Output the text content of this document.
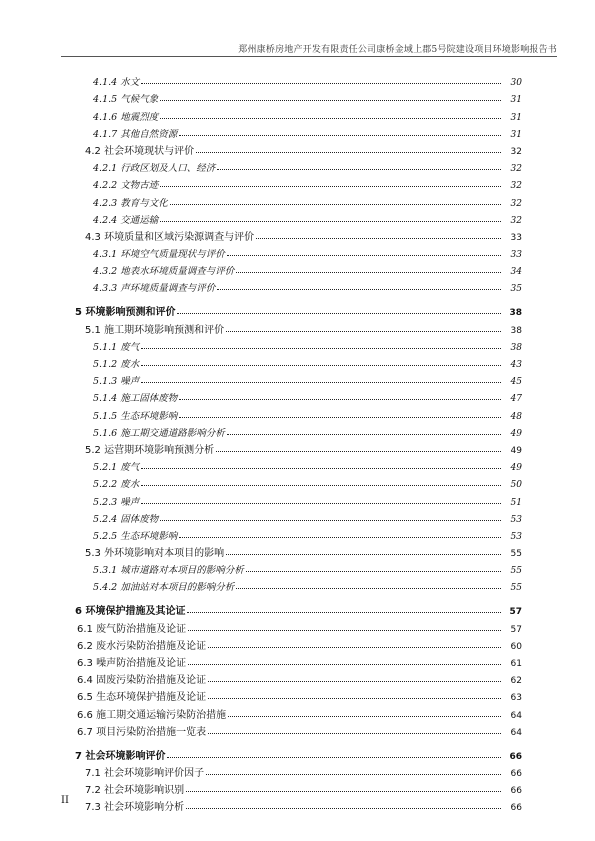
郑州康桥房地产开发有限责任公司康桥金域上郡5号院建设项目环境影响报告书
4.1.4 水文	30
4.1.5 气候气象	31
4.1.6 地震烈度	31
4.1.7 其他自然资源	31
4.2 社会环境现状与评价	32
4.2.1 行政区划及人口、经济	32
4.2.2 文物古迹	32
4.2.3 教育与文化	32
4.2.4 交通运输	32
4.3 环境质量和区域污染源调查与评价	33
4.3.1 环境空气质量现状与评价	33
4.3.2 地表水环境质量调查与评价	34
4.3.3 声环境质量调查与评价	35
5 环境影响预测和评价	38
5.1 施工期环境影响预测和评价	38
5.1.1 废气	38
5.1.2 废水	43
5.1.3 噪声	45
5.1.4 施工固体废物	47
5.1.5 生态环境影响	48
5.1.6 施工期交通道路影响分析	49
5.2 运营期环境影响预测分析	49
5.2.1 废气	49
5.2.2 废水	50
5.2.3 噪声	51
5.2.4 固体废物	53
5.2.5 生态环境影响	53
5.3 外环境影响对本项目的影响	55
5.3.1 城市道路对本项目的影响分析	55
5.4.2 加油站对本项目的影响分析	55
6 环境保护措施及其论证	57
6.1 废气防治措施及论证	57
6.2 废水污染防治措施及论证	60
6.3 噪声防治措施及论证	61
6.4 固废污染防治措施及论证	62
6.5 生态环境保护措施及论证	63
6.6 施工期交通运输污染防治措施	64
6.7 项目污染防治措施一览表	64
7 社会环境影响评价	66
7.1 社会环境影响评价因子	66
7.2 社会环境影响识别	66
7.3 社会环境影响分析	66
II
